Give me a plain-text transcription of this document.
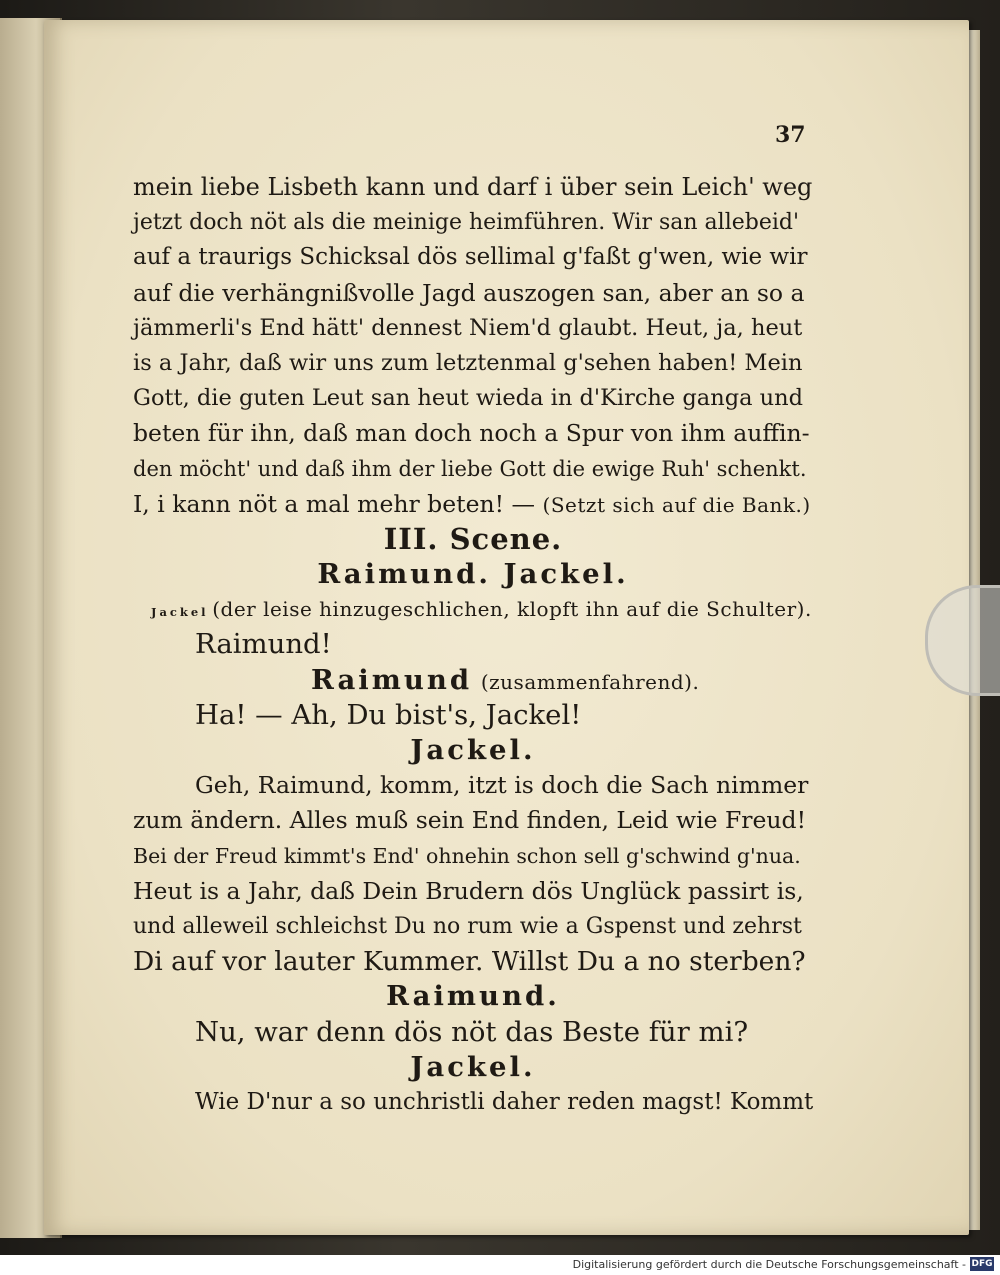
37
mein liebe Lisbeth kann und darf i über sein Leich' weg
jetzt doch nöt als die meinige heimführen. Wir san allebeid'
auf a traurigs Schicksal dös sellimal g'faßt g'wen, wie wir
auf die verhängnißvolle Jagd auszogen san, aber an so a
jämmerli's End hätt' dennest Niem'd glaubt. Heut, ja, heut
is a Jahr, daß wir uns zum letztenmal g'sehen haben! Mein
Gott, die guten Leut san heut wieda in d'Kirche ganga und
beten für ihn, daß man doch noch a Spur von ihm auffin-
den möcht' und daß ihm der liebe Gott die ewige Ruh' schenkt.
I, i kann nöt a mal mehr beten! — (Setzt sich auf die Bank.)
III. Scene.
Raimund. Jackel.
Jackel (der leise hinzugeschlichen, klopft ihn auf die Schulter).
Raimund!
Raimund (zusammenfahrend).
Ha! — Ah, Du bist's, Jackel!
Jackel.
Geh, Raimund, komm, itzt is doch die Sach nimmer
zum ändern. Alles muß sein End finden, Leid wie Freud!
Bei der Freud kimmt's End' ohnehin schon sell g'schwind g'nua.
Heut is a Jahr, daß Dein Brudern dös Unglück passirt is,
und alleweil schleichst Du no rum wie a Gspenst und zehrst
Di auf vor lauter Kummer. Willst Du a no sterben?
Raimund.
Nu, war denn dös nöt das Beste für mi?
Jackel.
Wie D'nur a so unchristli daher reden magst! Kommt
Digitalisierung gefördert durch die Deutsche Forschungsgemeinschaft - DFG
